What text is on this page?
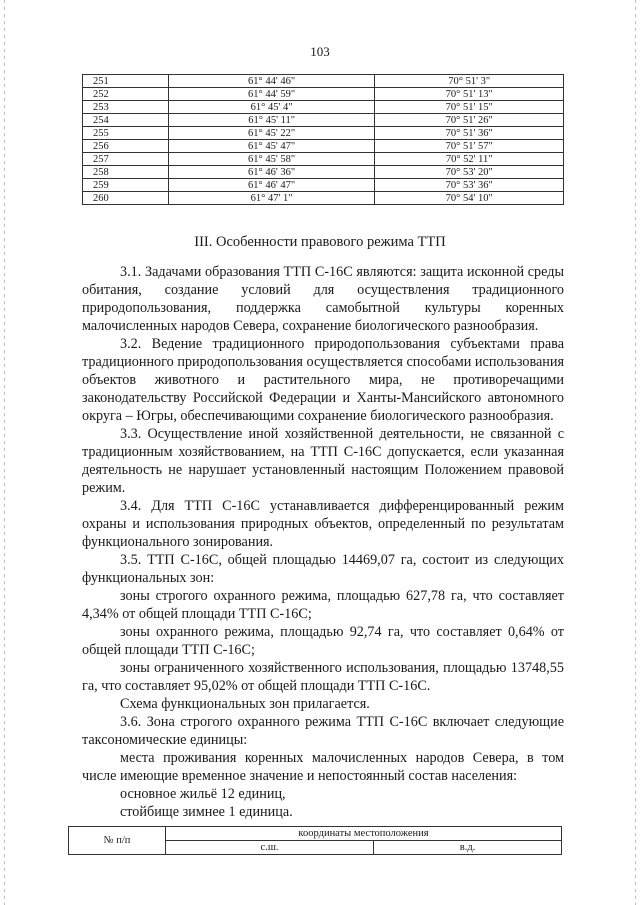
103
251	61° 44' 46"	70° 51' 3"
252	61° 44' 59"	70° 51' 13"
253	61° 45' 4"	70° 51' 15"
254	61° 45' 11"	70° 51' 26"
255	61° 45' 22"	70° 51' 36"
256	61° 45' 47"	70° 51' 57"
257	61° 45' 58"	70° 52' 11"
258	61° 46' 36"	70° 53' 20"
259	61° 46' 47"	70° 53' 36"
260	61° 47' 1"	70° 54' 10"
III. Особенности правового режима ТТП

3.1. Задачами образования ТТП С-16С являются: защита исконной среды обитания, создание условий для осуществления традиционного природопользования, поддержка самобытной культуры коренных малочисленных народов Севера, сохранение биологического разнообразия.

3.2. Ведение традиционного природопользования субъектами права традиционного природопользования осуществляется способами использования объектов животного и растительного мира, не противоречащими законодательству Российской Федерации и Ханты-Мансийского автономного округа – Югры, обеспечивающими сохранение биологического разнообразия.

3.3. Осуществление иной хозяйственной деятельности, не связанной с традиционным хозяйствованием, на ТТП С-16С допускается, если указанная деятельность не нарушает установленный настоящим Положением правовой режим.

3.4. Для ТТП С-16С устанавливается дифференцированный режим охраны и использования природных объектов, определенный по результатам функционального зонирования.

3.5. ТТП С-16С, общей площадью 14469,07 га, состоит из следующих функциональных зон:

зоны строгого охранного режима, площадью 627,78 га, что составляет 4,34% от общей площади ТТП С-16С;

зоны охранного режима, площадью 92,74 га, что составляет 0,64% от общей площади ТТП С-16С;

зоны ограниченного хозяйственного использования, площадью 13748,55 га, что составляет 95,02% от общей площади ТТП С-16С.

Схема функциональных зон прилагается.

3.6. Зона строгого охранного режима ТТП С-16С включает следующие таксономические единицы:

места проживания коренных малочисленных народов Севера, в том числе имеющие временное значение и непостоянный состав населения:

основное жильё 12 единиц,

стойбище зимнее 1 единица.

№ п/п	координаты местоположения	
	с.ш.	в.д.
